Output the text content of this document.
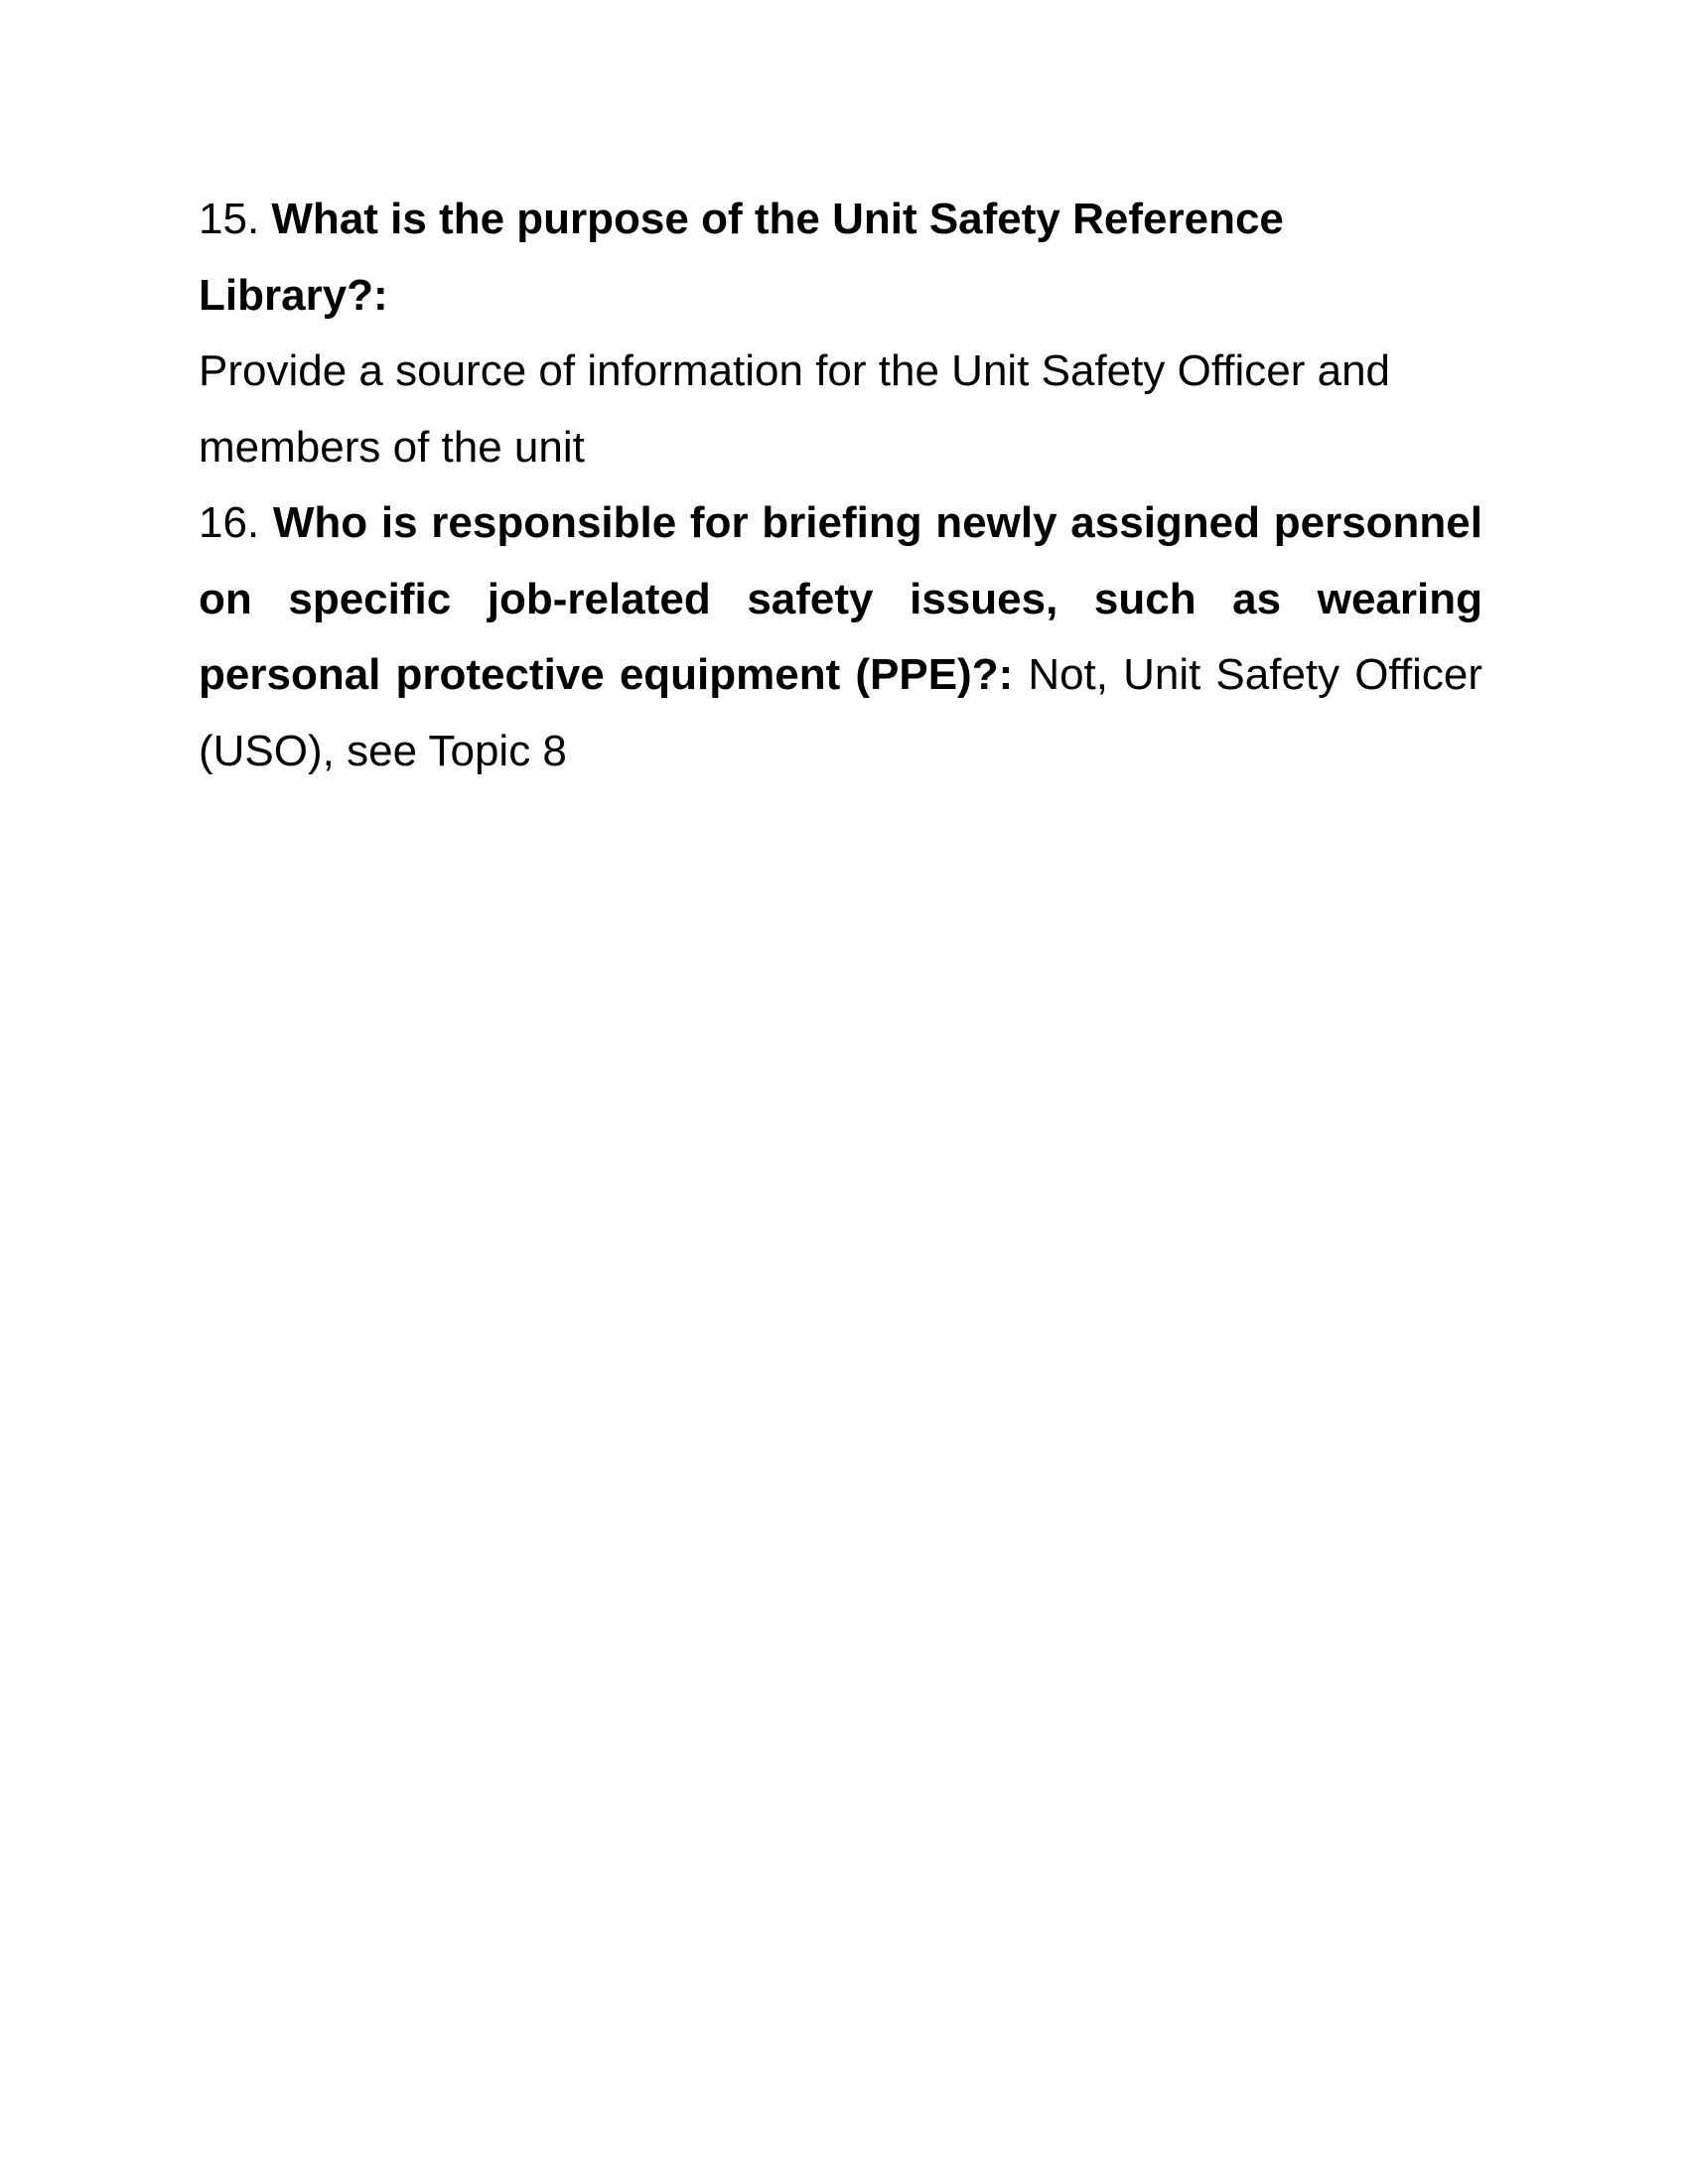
15. What is the purpose of the Unit Safety Reference Library?:
Provide a source of information for the Unit Safety Officer and members of the unit

16. Who is responsible for briefing newly assigned personnel on specific job-related safety issues, such as wearing personal protective equipment (PPE)?: Not, Unit Safety Officer (USO), see Topic 8
